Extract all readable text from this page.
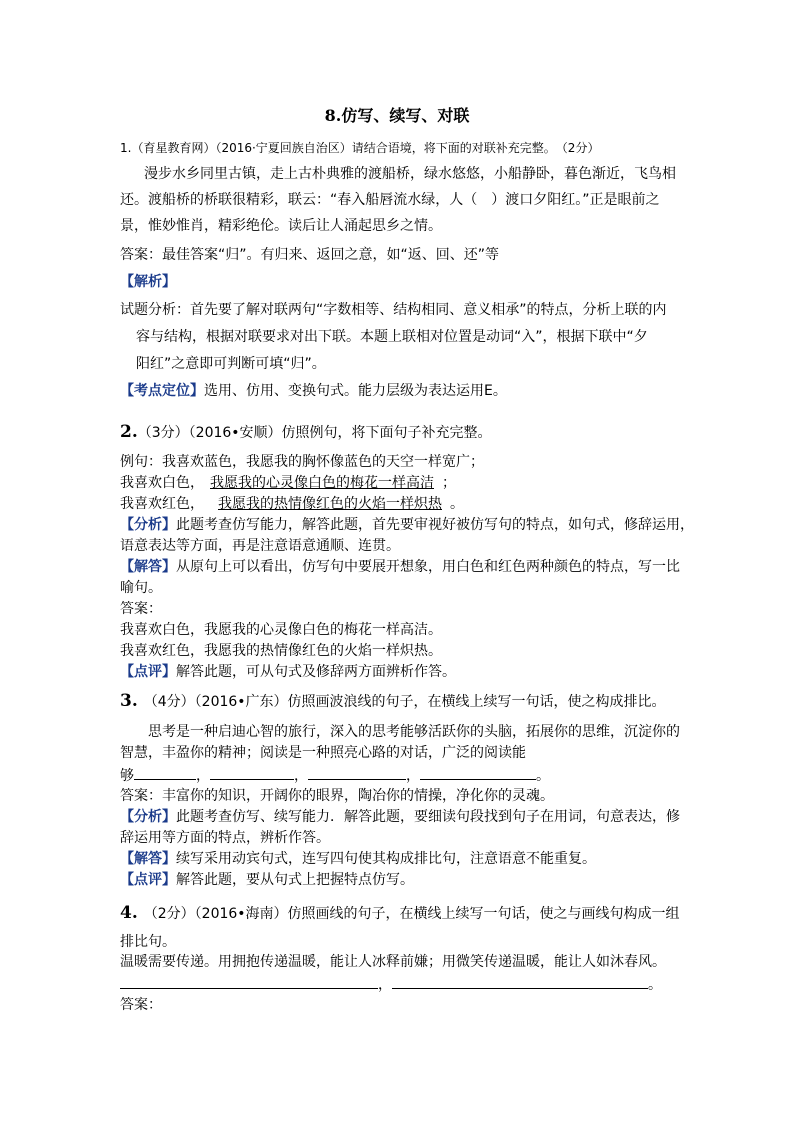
8.仿写、续写、对联
1.（育星教育网）（2016·宁夏回族自治区）请结合语境，将下面的对联补充完整。　（2分）
漫步水乡同里古镇，走上古朴典雅的渡船桥，绿水悠悠，小船静卧，暮色渐近，飞鸟相
还。渡船桥的桥联很精彩，联云：“春入船唇流水绿，人（　）渡口夕阳红。”正是眼前之
景，惟妙惟肖，精彩绝伦。读后让人涌起思乡之情。
答案：最佳答案“归”。有归来、返回之意，如“返、回、还”等
【解析】
试题分析：首先要了解对联两句“字数相等、结构相同、意义相承”的特点，分析上联的内
容与结构，根据对联要求对出下联。本题上联相对位置是动词“入”，根据下联中“夕
阳红”之意即可判断可填“归”。
【考点定位】选用、仿用、变换句式。能力层级为表达运用E。
2.（3分）（2016•安顺）仿照例句，将下面句子补充完整。
例句：我喜欢蓝色，我愿我的胸怀像蓝色的天空一样宽广；
我喜欢白色， 我愿我的心灵像白色的梅花一样高洁 ；
我喜欢红色， 我愿我的热情像红色的火焰一样炽热 。
【分析】此题考查仿写能力，解答此题，首先要审视好被仿写句的特点，如句式，修辞运用，
语意表达等方面，再是注意语意通顺、连贯。
【解答】从原句上可以看出，仿写句中要展开想象，用白色和红色两种颜色的特点，写一比
喻句。
答案：
我喜欢白色，我愿我的心灵像白色的梅花一样高洁。
我喜欢红色，我愿我的热情像红色的火焰一样炽热。
【点评】解答此题，可从句式及修辞两方面辨析作答。
3. （4分）（2016•广东）仿照画波浪线的句子，在横线上续写一句话，使之构成排比。
思考是一种启迪心智的旅行，深入的思考能够活跃你的头脑，拓展你的思维，沉淀你的
智慧，丰盈你的精神；阅读是一种照亮心路的对话，广泛的阅读能
够	，	，	，	。
答案：丰富你的知识，开阔你的眼界，陶冶你的情操，净化你的灵魂。
【分析】此题考查仿写、续写能力．解答此题，要细读句段找到句子在用词，句意表达，修
辞运用等方面的特点，辨析作答。
【解答】续写采用动宾句式，连写四句使其构成排比句，注意语意不能重复。
【点评】解答此题，要从句式上把握特点仿写。
4. （2分）（2016•海南）仿照画线的句子，在横线上续写一句话，使之与画线句构成一组
排比句。
温暖需要传递。用拥抱传递温暖，能让人冰释前嫌；用微笑传递温暖，能让人如沐春风。
，	。
答案：
